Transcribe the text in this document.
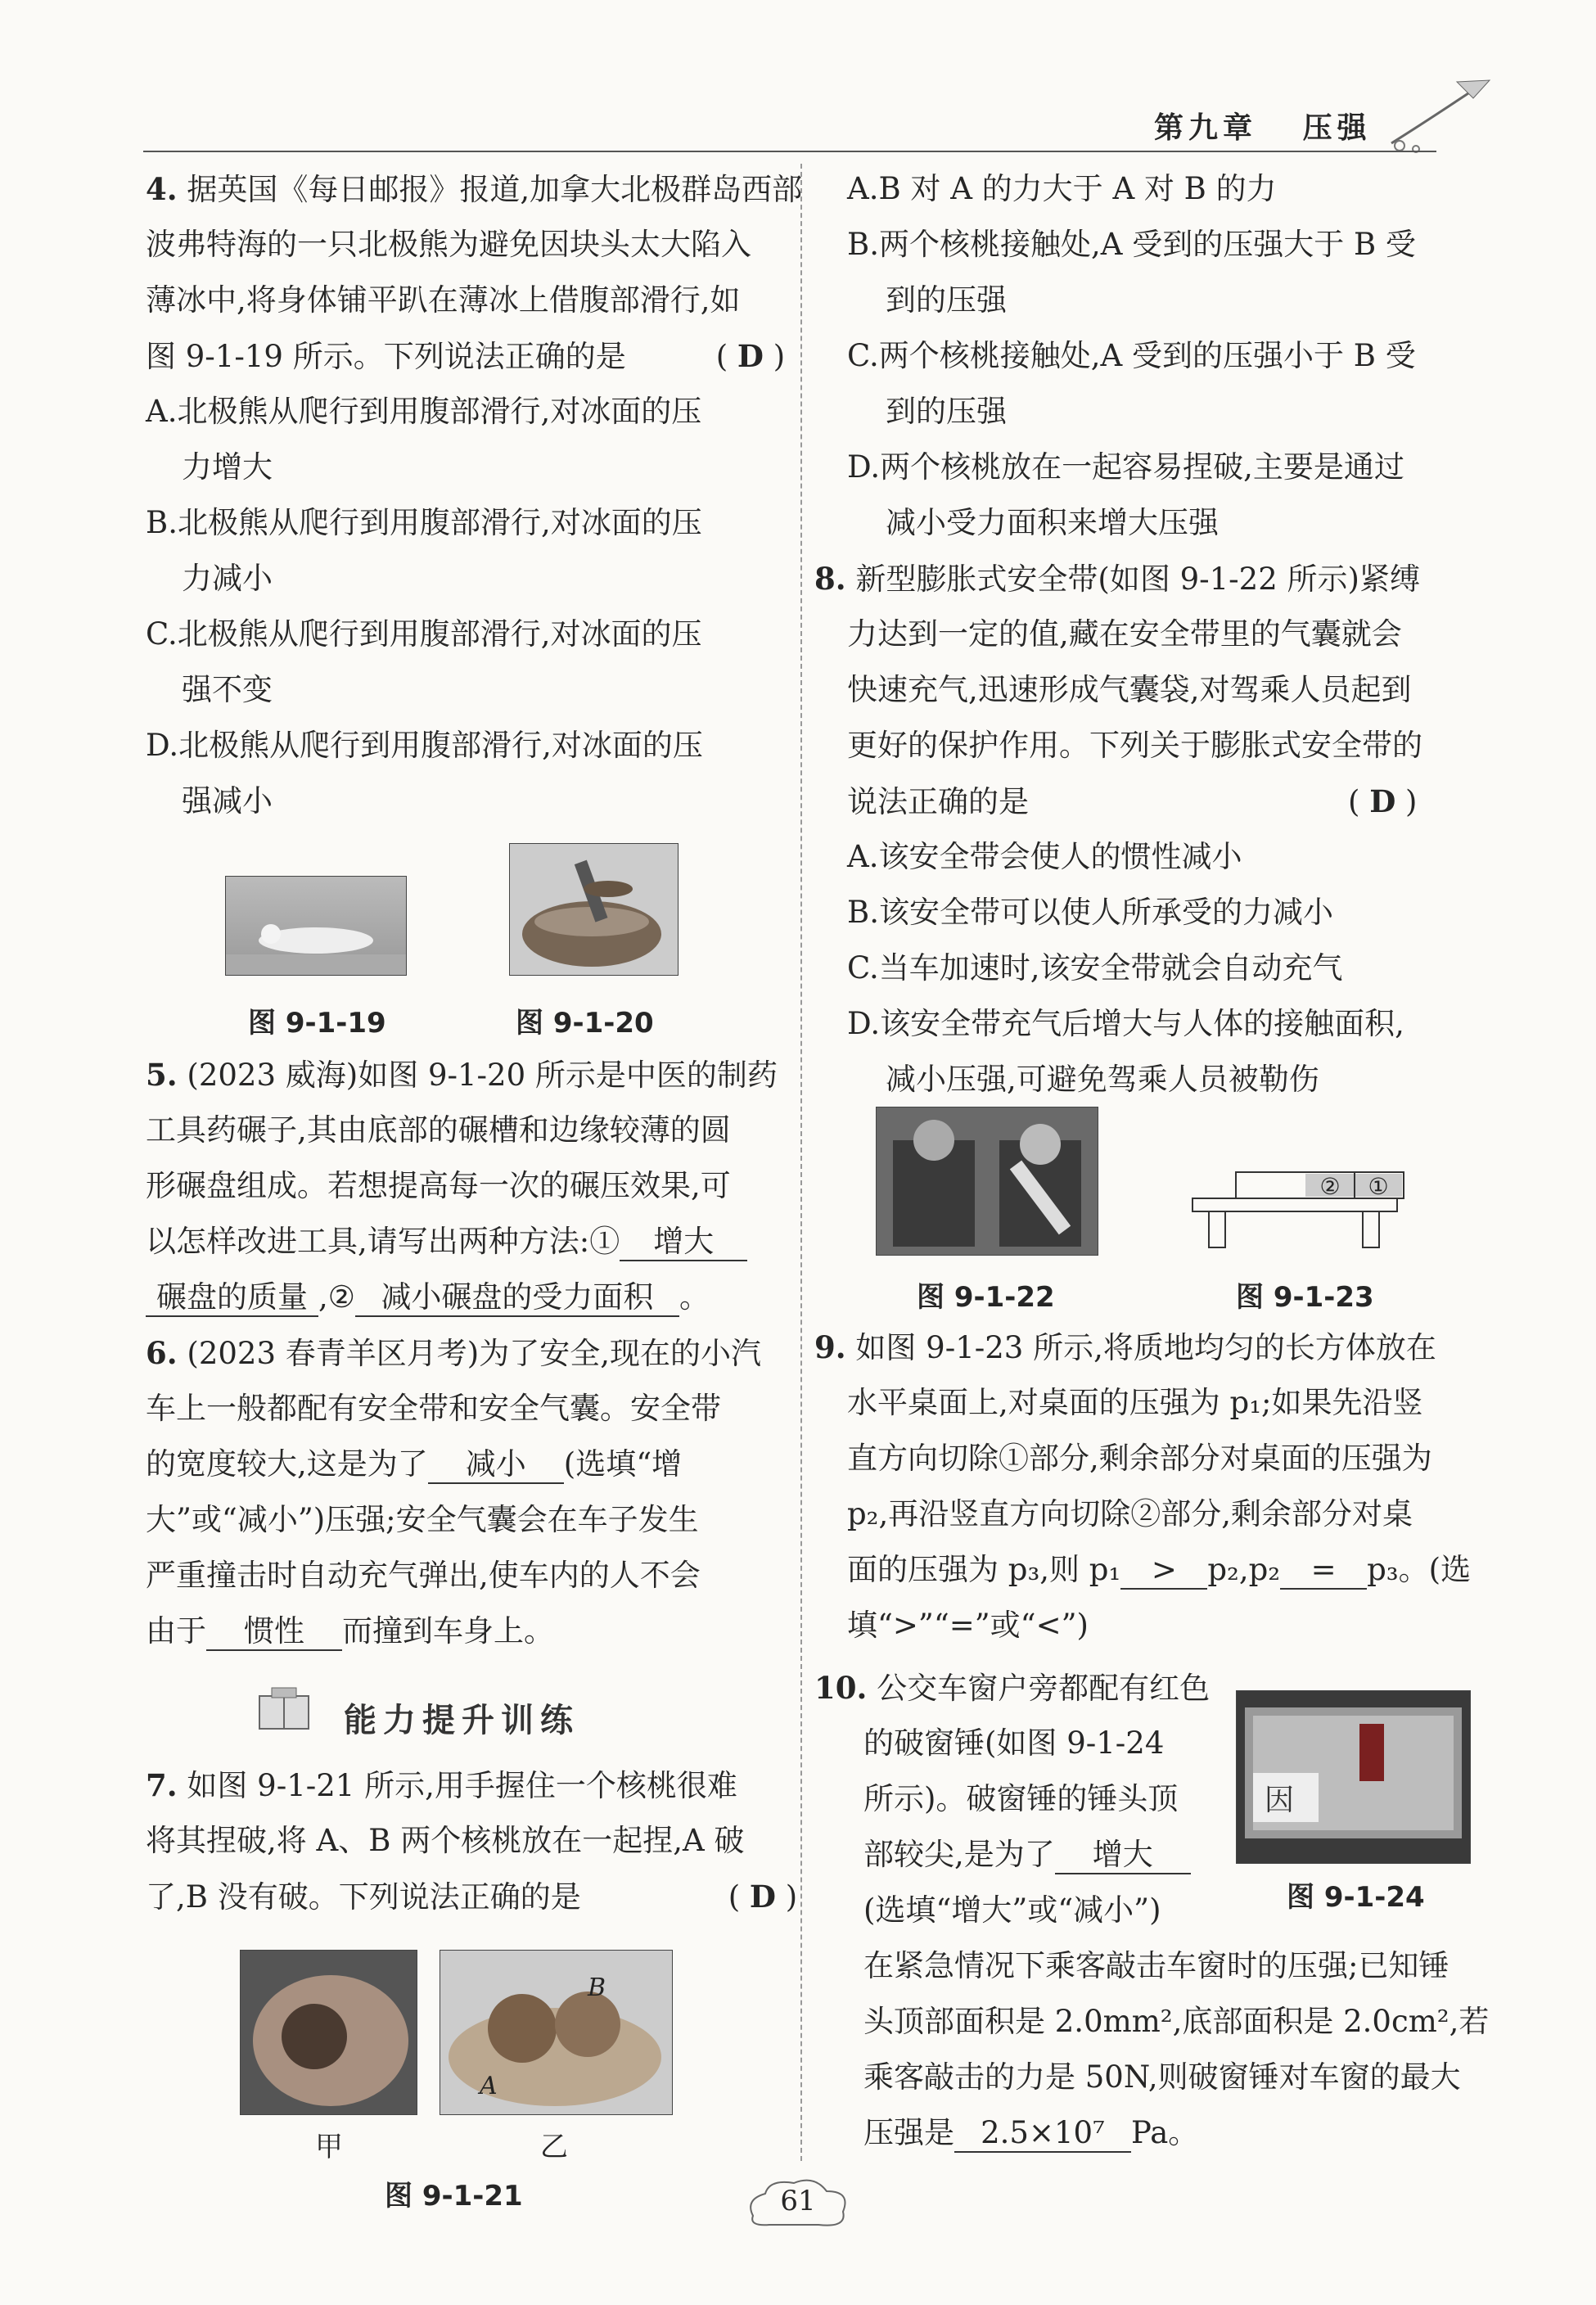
第九章 压强
4. 据英国《每日邮报》报道,加拿大北极群岛西部
波弗特海的一只北极熊为避免因块头太大陷入
薄冰中,将身体铺平趴在薄冰上借腹部滑行,如
图 9-1-19 所示。下列说法正确的是	( D )
A.北极熊从爬行到用腹部滑行,对冰面的压
力增大
B.北极熊从爬行到用腹部滑行,对冰面的压
力减小
C.北极熊从爬行到用腹部滑行,对冰面的压
强不变
D.北极熊从爬行到用腹部滑行,对冰面的压
强减小
图 9-1-19	图 9-1-20
5. (2023 威海)如图 9-1-20 所示是中医的制药
工具药碾子,其由底部的碾槽和边缘较薄的圆
形碾盘组成。若想提高每一次的碾压效果,可
以怎样改进工具,请写出两种方法:① 增大
碾盘的质量 ,② 减小碾盘的受力面积 。
6. (2023 春青羊区月考)为了安全,现在的小汽
车上一般都配有安全带和安全气囊。安全带
的宽度较大,这是为了 减小 (选填“增
大”或“减小”)压强;安全气囊会在车子发生
严重撞击时自动充气弹出,使车内的人不会
由于 惯性 而撞到车身上。
能力提升训练
7. 如图 9-1-21 所示,用手握住一个核桃很难
将其捏破,将 A、B 两个核桃放在一起捏,A 破
了,B 没有破。下列说法正确的是	( D )
B
A
甲	乙
图 9-1-21
A.B 对 A 的力大于 A 对 B 的力
B.两个核桃接触处,A 受到的压强大于 B 受
到的压强
C.两个核桃接触处,A 受到的压强小于 B 受
到的压强
D.两个核桃放在一起容易捏破,主要是通过
减小受力面积来增大压强
8. 新型膨胀式安全带(如图 9-1-22 所示)紧缚
力达到一定的值,藏在安全带里的气囊就会
快速充气,迅速形成气囊袋,对驾乘人员起到
更好的保护作用。下列关于膨胀式安全带的
说法正确的是	( D )
A.该安全带会使人的惯性减小
B.该安全带可以使人所承受的力减小
C.当车加速时,该安全带就会自动充气
D.该安全带充气后增大与人体的接触面积,
减小压强,可避免驾乘人员被勒伤
② ①
图 9-1-22	图 9-1-23
9. 如图 9-1-23 所示,将质地均匀的长方体放在
水平桌面上,对桌面的压强为 p₁;如果先沿竖
直方向切除①部分,剩余部分对桌面的压强为
p₂,再沿竖直方向切除②部分,剩余部分对桌
面的压强为 p₃,则 p₁ > p₂,p₂ = p₃。(选
填“>”“=”或“<”)
10. 公交车窗户旁都配有红色
的破窗锤(如图 9-1-24
所示)。破窗锤的锤头顶
部较尖,是为了 增大
(选填“增大”或“减小”)
在紧急情况下乘客敲击车窗时的压强;已知锤
头顶部面积是 2.0mm²,底部面积是 2.0cm²,若
乘客敲击的力是 50N,则破窗锤对车窗的最大
压强是 2.5×10⁷ Pa。
因
图 9-1-24
61
